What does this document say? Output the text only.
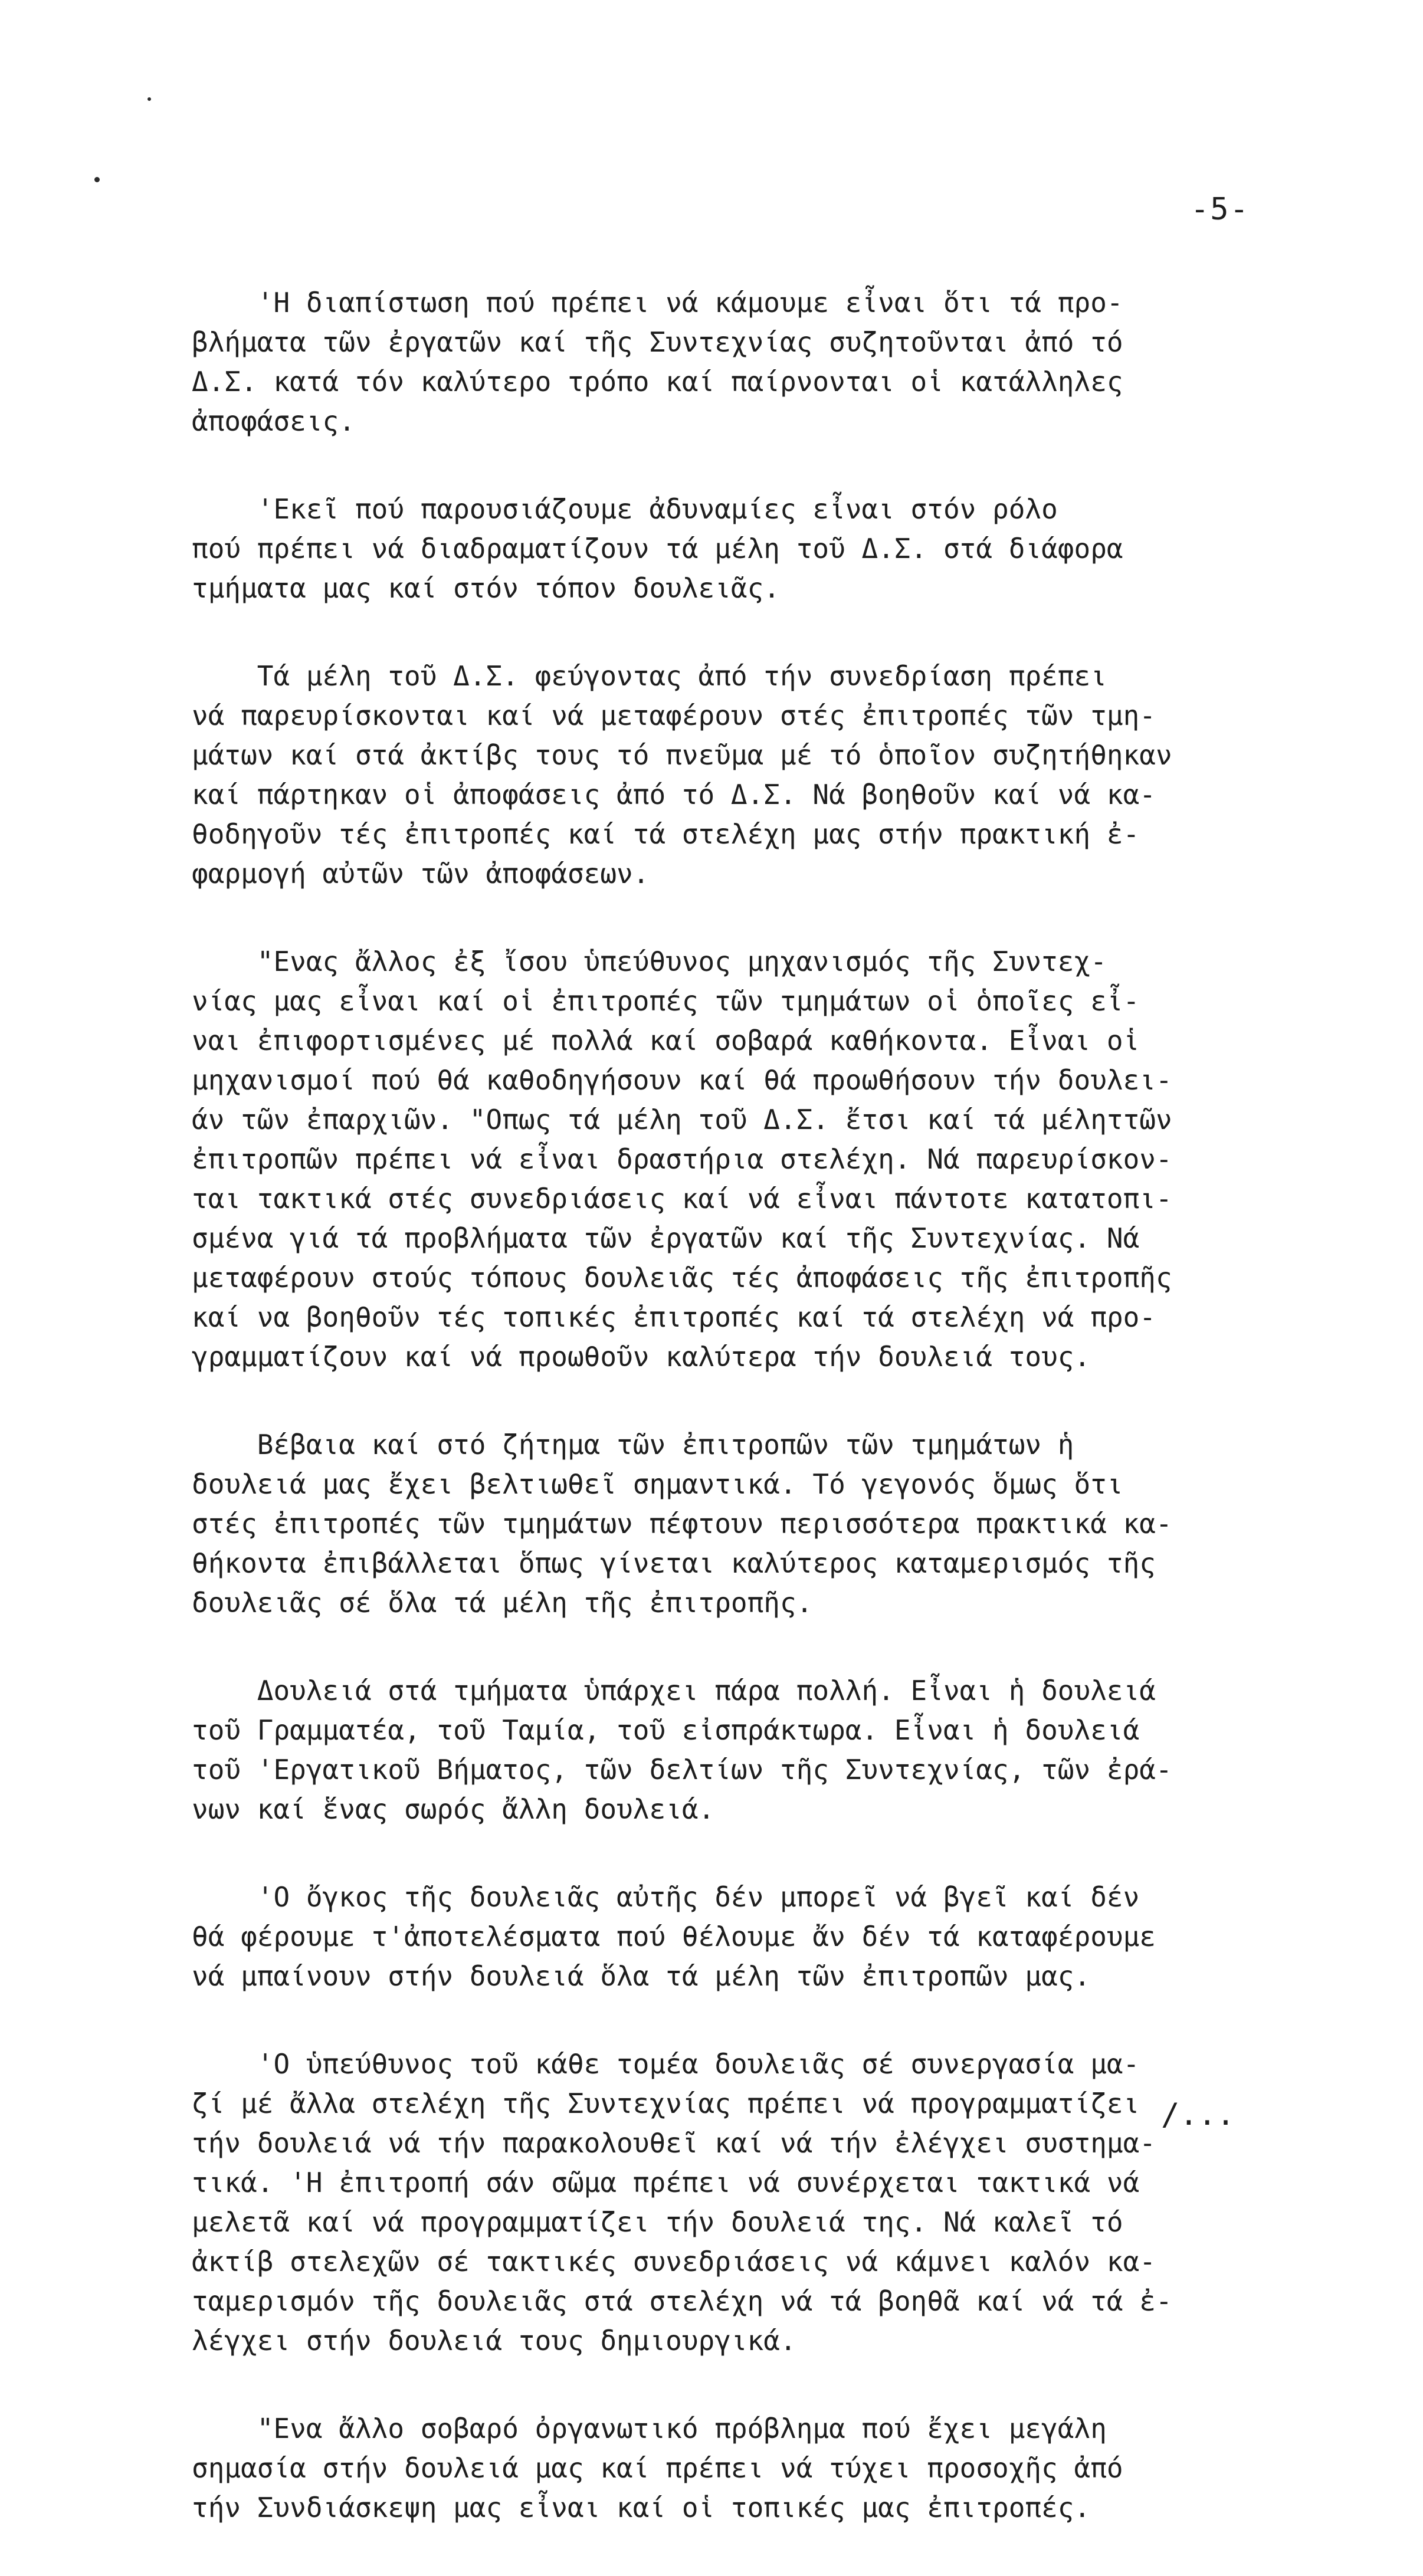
-5-
'Η διαπίστωση πού πρέπει νά κάμουμε εἶναι ὅτι τά προ-
βλήματα τῶν ἐργατῶν καί τῆς Συντεχνίας συζητοῦνται ἀπό τό
Δ.Σ. κατά τόν καλύτερο τρόπο καί παίρνονται οἱ κατάλληλες
ἀποφάσεις.
'Εκεῖ πού παρουσιάζουμε ἀδυναμίες εἶναι στόν ρόλο
πού πρέπει νά διαδραματίζουν τά μέλη τοῦ Δ.Σ. στά διάφορα
τμήματα μας καί στόν τόπον δουλειᾶς.
Τά μέλη τοῦ Δ.Σ. φεύγοντας ἀπό τήν συνεδρίαση πρέπει
νά παρευρίσκονται καί νά μεταφέρουν στές ἐπιτροπές τῶν τμη-
μάτων καί στά ἀκτίβς τους τό πνεῦμα μέ τό ὁποῖον συζητήθηκαν
καί πάρτηκαν οἱ ἀποφάσεις ἀπό τό Δ.Σ. Νά βοηθοῦν καί νά κα-
θοδηγοῦν τές ἐπιτροπές καί τά στελέχη μας στήν πρακτική ἐ-
φαρμογή αὐτῶν τῶν ἀποφάσεων.
"Ενας ἄλλος ἐξ ἴσου ὑπεύθυνος μηχανισμός τῆς Συντεχ-
νίας μας εἶναι καί οἱ ἐπιτροπές τῶν τμημάτων οἱ ὁποῖες εἶ-
ναι ἐπιφορτισμένες μέ πολλά καί σοβαρά καθήκοντα. Εἶναι οἱ
μηχανισμοί πού θά καθοδηγήσουν καί θά προωθήσουν τήν δουλει-
άν τῶν ἐπαρχιῶν. "Οπως τά μέλη τοῦ Δ.Σ. ἔτσι καί τά μέληττῶν
ἐπιτροπῶν πρέπει νά εἶναι δραστήρια στελέχη. Νά παρευρίσκον-
ται τακτικά στές συνεδριάσεις καί νά εἶναι πάντοτε κατατοπι-
σμένα γιά τά προβλήματα τῶν ἐργατῶν καί τῆς Συντεχνίας. Νά
μεταφέρουν στούς τόπους δουλειᾶς τές ἀποφάσεις τῆς ἐπιτροπῆς
καί να βοηθοῦν τές τοπικές ἐπιτροπές καί τά στελέχη νά προ-
γραμματίζουν καί νά προωθοῦν καλύτερα τήν δουλειά τους.
Βέβαια καί στό ζήτημα τῶν ἐπιτροπῶν τῶν τμημάτων ἡ
δουλειά μας ἔχει βελτιωθεῖ σημαντικά. Τό γεγονός ὅμως ὅτι
στές ἐπιτροπές τῶν τμημάτων πέφτουν περισσότερα πρακτικά κα-
θήκοντα ἐπιβάλλεται ὅπως γίνεται καλύτερος καταμερισμός τῆς
δουλειᾶς σέ ὅλα τά μέλη τῆς ἐπιτροπῆς.
Δουλειά στά τμήματα ὑπάρχει πάρα πολλή. Εἶναι ἡ δουλειά
τοῦ Γραμματέα, τοῦ Ταμία, τοῦ εἰσπράκτωρα. Εἶναι ἡ δουλειά
τοῦ 'Εργατικοῦ Βήματος, τῶν δελτίων τῆς Συντεχνίας, τῶν ἐρά-
νων καί ἕνας σωρός ἄλλη δουλειά.
'Ο ὄγκος τῆς δουλειᾶς αὐτῆς δέν μπορεῖ νά βγεῖ καί δέν
θά φέρουμε τ'ἀποτελέσματα πού θέλουμε ἄν δέν τά καταφέρουμε
νά μπαίνουν στήν δουλειά ὅλα τά μέλη τῶν ἐπιτροπῶν μας.
'Ο ὑπεύθυνος τοῦ κάθε τομέα δουλειᾶς σέ συνεργασία μα-
ζί μέ ἄλλα στελέχη τῆς Συντεχνίας πρέπει νά προγραμματίζει
τήν δουλειά νά τήν παρακολουθεῖ καί νά τήν ἐλέγχει συστημα-
τικά. 'Η ἐπιτροπή σάν σῶμα πρέπει νά συνέρχεται τακτικά νά
μελετᾶ καί νά προγραμματίζει τήν δουλειά της. Νά καλεῖ τό
ἀκτίβ στελεχῶν σέ τακτικές συνεδριάσεις νά κάμνει καλόν κα-
ταμερισμόν τῆς δουλειᾶς στά στελέχη νά τά βοηθᾶ καί νά τά ἐ-
λέγχει στήν δουλειά τους δημιουργικά.
"Ενα ἄλλο σοβαρό ὀργανωτικό πρόβλημα πού ἔχει μεγάλη
σημασία στήν δουλειά μας καί πρέπει νά τύχει προσοχῆς ἀπό
τήν Συνδιάσκεψη μας εἶναι καί οἱ τοπικές μας ἐπιτροπές.
/...
